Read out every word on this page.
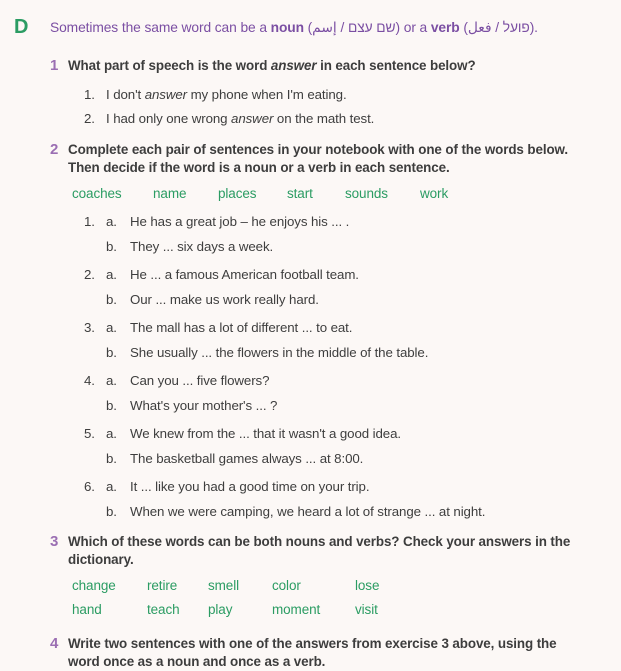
D	Sometimes the same word can be a noun (שם עצם / إسم) or a verb (פועל / فعل).
1 What part of speech is the word answer in each sentence below?
1. I don't answer my phone when I'm eating.
2. I had only one wrong answer on the math test.
2 Complete each pair of sentences in your notebook with one of the words below.
Then decide if the word is a noun or a verb in each sentence.
coaches	name	places	start	sounds	work
1. a. He has a great job – he enjoys his ... .
b. They ... six days a week.
2. a. He ... a famous American football team.
b. Our ... make us work really hard.
3. a. The mall has a lot of different ... to eat.
b. She usually ... the flowers in the middle of the table.
4. a. Can you ... five flowers?
b. What's your mother's ... ?
5. a. We knew from the ... that it wasn't a good idea.
b. The basketball games always ... at 8:00.
6. a. It ... like you had a good time on your trip.
b. When we were camping, we heard a lot of strange ... at night.
3 Which of these words can be both nouns and verbs? Check your answers in the
dictionary.
change	retire	smell	color	lose
hand	teach	play	moment	visit
4 Write two sentences with one of the answers from exercise 3 above, using the
word once as a noun and once as a verb.
